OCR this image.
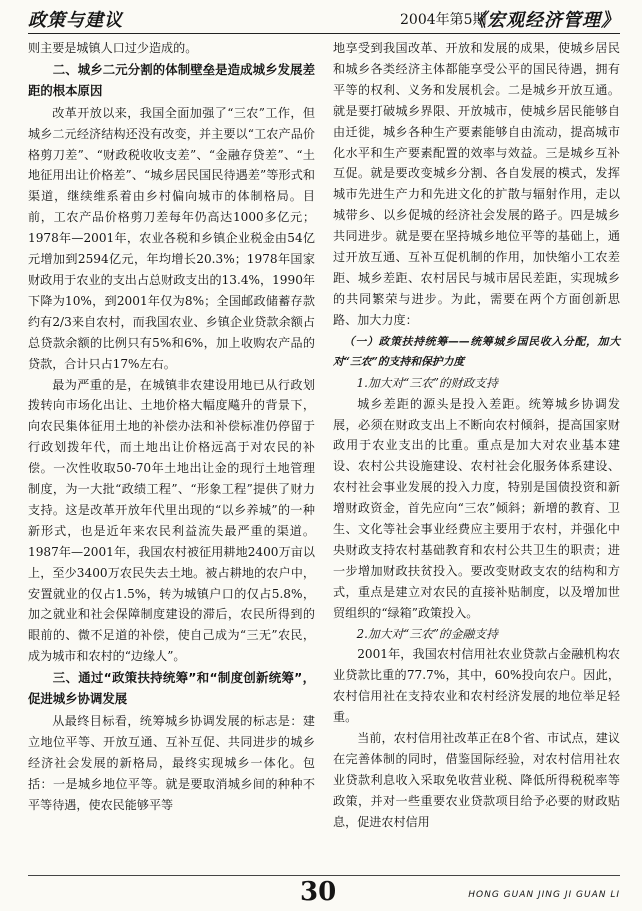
政策与建议	2004年第5期
《宏观经济管理》

则主要是城镇人口过少造成的。

二、城乡二元分割的体制壁垒是造成城乡发展差距的根本原因

改革开放以来，我国全面加强了“三农”工作，但城乡二元经济结构还没有改变，并主要以“工农产品价格剪刀差”、“财政税收收支差”、“金融存贷差”、“土地征用出让价格差”、“城乡居民国民待遇差”等形式和渠道，继续维系着由乡村偏向城市的体制格局。目前，工农产品价格剪刀差每年仍高达1000多亿元；1978年—2001年，农业各税和乡镇企业税金由54亿元增加到2594亿元，年均增长20.3%；1978年国家财政用于农业的支出占总财政支出的13.4%，1990年下降为10%，到2001年仅为8%；全国邮政储蓄存款约有2/3来自农村，而我国农业、乡镇企业贷款余额占总贷款余额的比例只有5%和6%，加上收购农产品的贷款，合计只占17%左右。

最为严重的是，在城镇非农建设用地已从行政划拨转向市场化出让、土地价格大幅度飚升的背景下，向农民集体征用土地的补偿办法和补偿标准仍停留于行政划拨年代，而土地出让价格远高于对农民的补偿。一次性收取50-70年土地出让金的现行土地管理制度，为一大批“政绩工程”、“形象工程”提供了财力支持。这是改革开放年代里出现的“以乡养城”的一种新形式，也是近年来农民利益流失最严重的渠道。1987年—2001年，我国农村被征用耕地2400万亩以上，至少3400万农民失去土地。被占耕地的农户中，安置就业的仅占1.5%，转为城镇户口的仅占5.8%，加之就业和社会保障制度建设的滞后，农民所得到的眼前的、微不足道的补偿，使自己成为“三无”农民，成为城市和农村的“边缘人”。

三、通过“政策扶持统筹”和“制度创新统筹”，促进城乡协调发展

从最终目标看，统筹城乡协调发展的标志是：建立地位平等、开放互通、互补互促、共同进步的城乡经济社会发展的新格局，最终实现城乡一体化。包括：一是城乡地位平等。就是要取消城乡间的种种不平等待遇，使农民能够平等

地享受到我国改革、开放和发展的成果，使城乡居民和城乡各类经济主体都能享受公平的国民待遇，拥有平等的权利、义务和发展机会。二是城乡开放互通。就是要打破城乡界限、开放城市，使城乡居民能够自由迁徙，城乡各种生产要素能够自由流动，提高城市化水平和生产要素配置的效率与效益。三是城乡互补互促。就是要改变城乡分割、各自发展的模式，发挥城市先进生产力和先进文化的扩散与辐射作用，走以城带乡、以乡促城的经济社会发展的路子。四是城乡共同进步。就是要在坚持城乡地位平等的基础上，通过开放互通、互补互促机制的作用，加快缩小工农差距、城乡差距、农村居民与城市居民差距，实现城乡的共同繁荣与进步。为此，需要在两个方面创新思路、加大力度：

（一）政策扶持统筹——统筹城乡国民收入分配，加大对“三农”的支持和保护力度
1.加大对“三农”的财政支持

城乡差距的源头是投入差距。统筹城乡协调发展，必须在财政支出上不断向农村倾斜，提高国家财政用于农业支出的比重。重点是加大对农业基本建设、农村公共设施建设、农村社会化服务体系建设、农村社会事业发展的投入力度，特别是国债投资和新增财政资金，首先应向“三农”倾斜；新增的教育、卫生、文化等社会事业经费应主要用于农村，并强化中央财政支持农村基础教育和农村公共卫生的职责；进一步增加财政扶贫投入。要改变财政支农的结构和方式，重点是建立对农民的直接补贴制度，以及增加世贸组织的“绿箱”政策投入。

2.加大对“三农”的金融支持

2001年，我国农村信用社农业贷款占金融机构农业贷款比重的77.7%，其中，60%投向农户。因此，农村信用社在支持农业和农村经济发展的地位举足轻重。

当前，农村信用社改革正在8个省、市试点，建议在完善体制的同时，借鉴国际经验，对农村信用社农业贷款利息收入采取免收营业税、降低所得税税率等政策，并对一些重要农业贷款项目给予必要的财政贴息，促进农村信用

30	HONG GUAN JING JI GUAN LI
